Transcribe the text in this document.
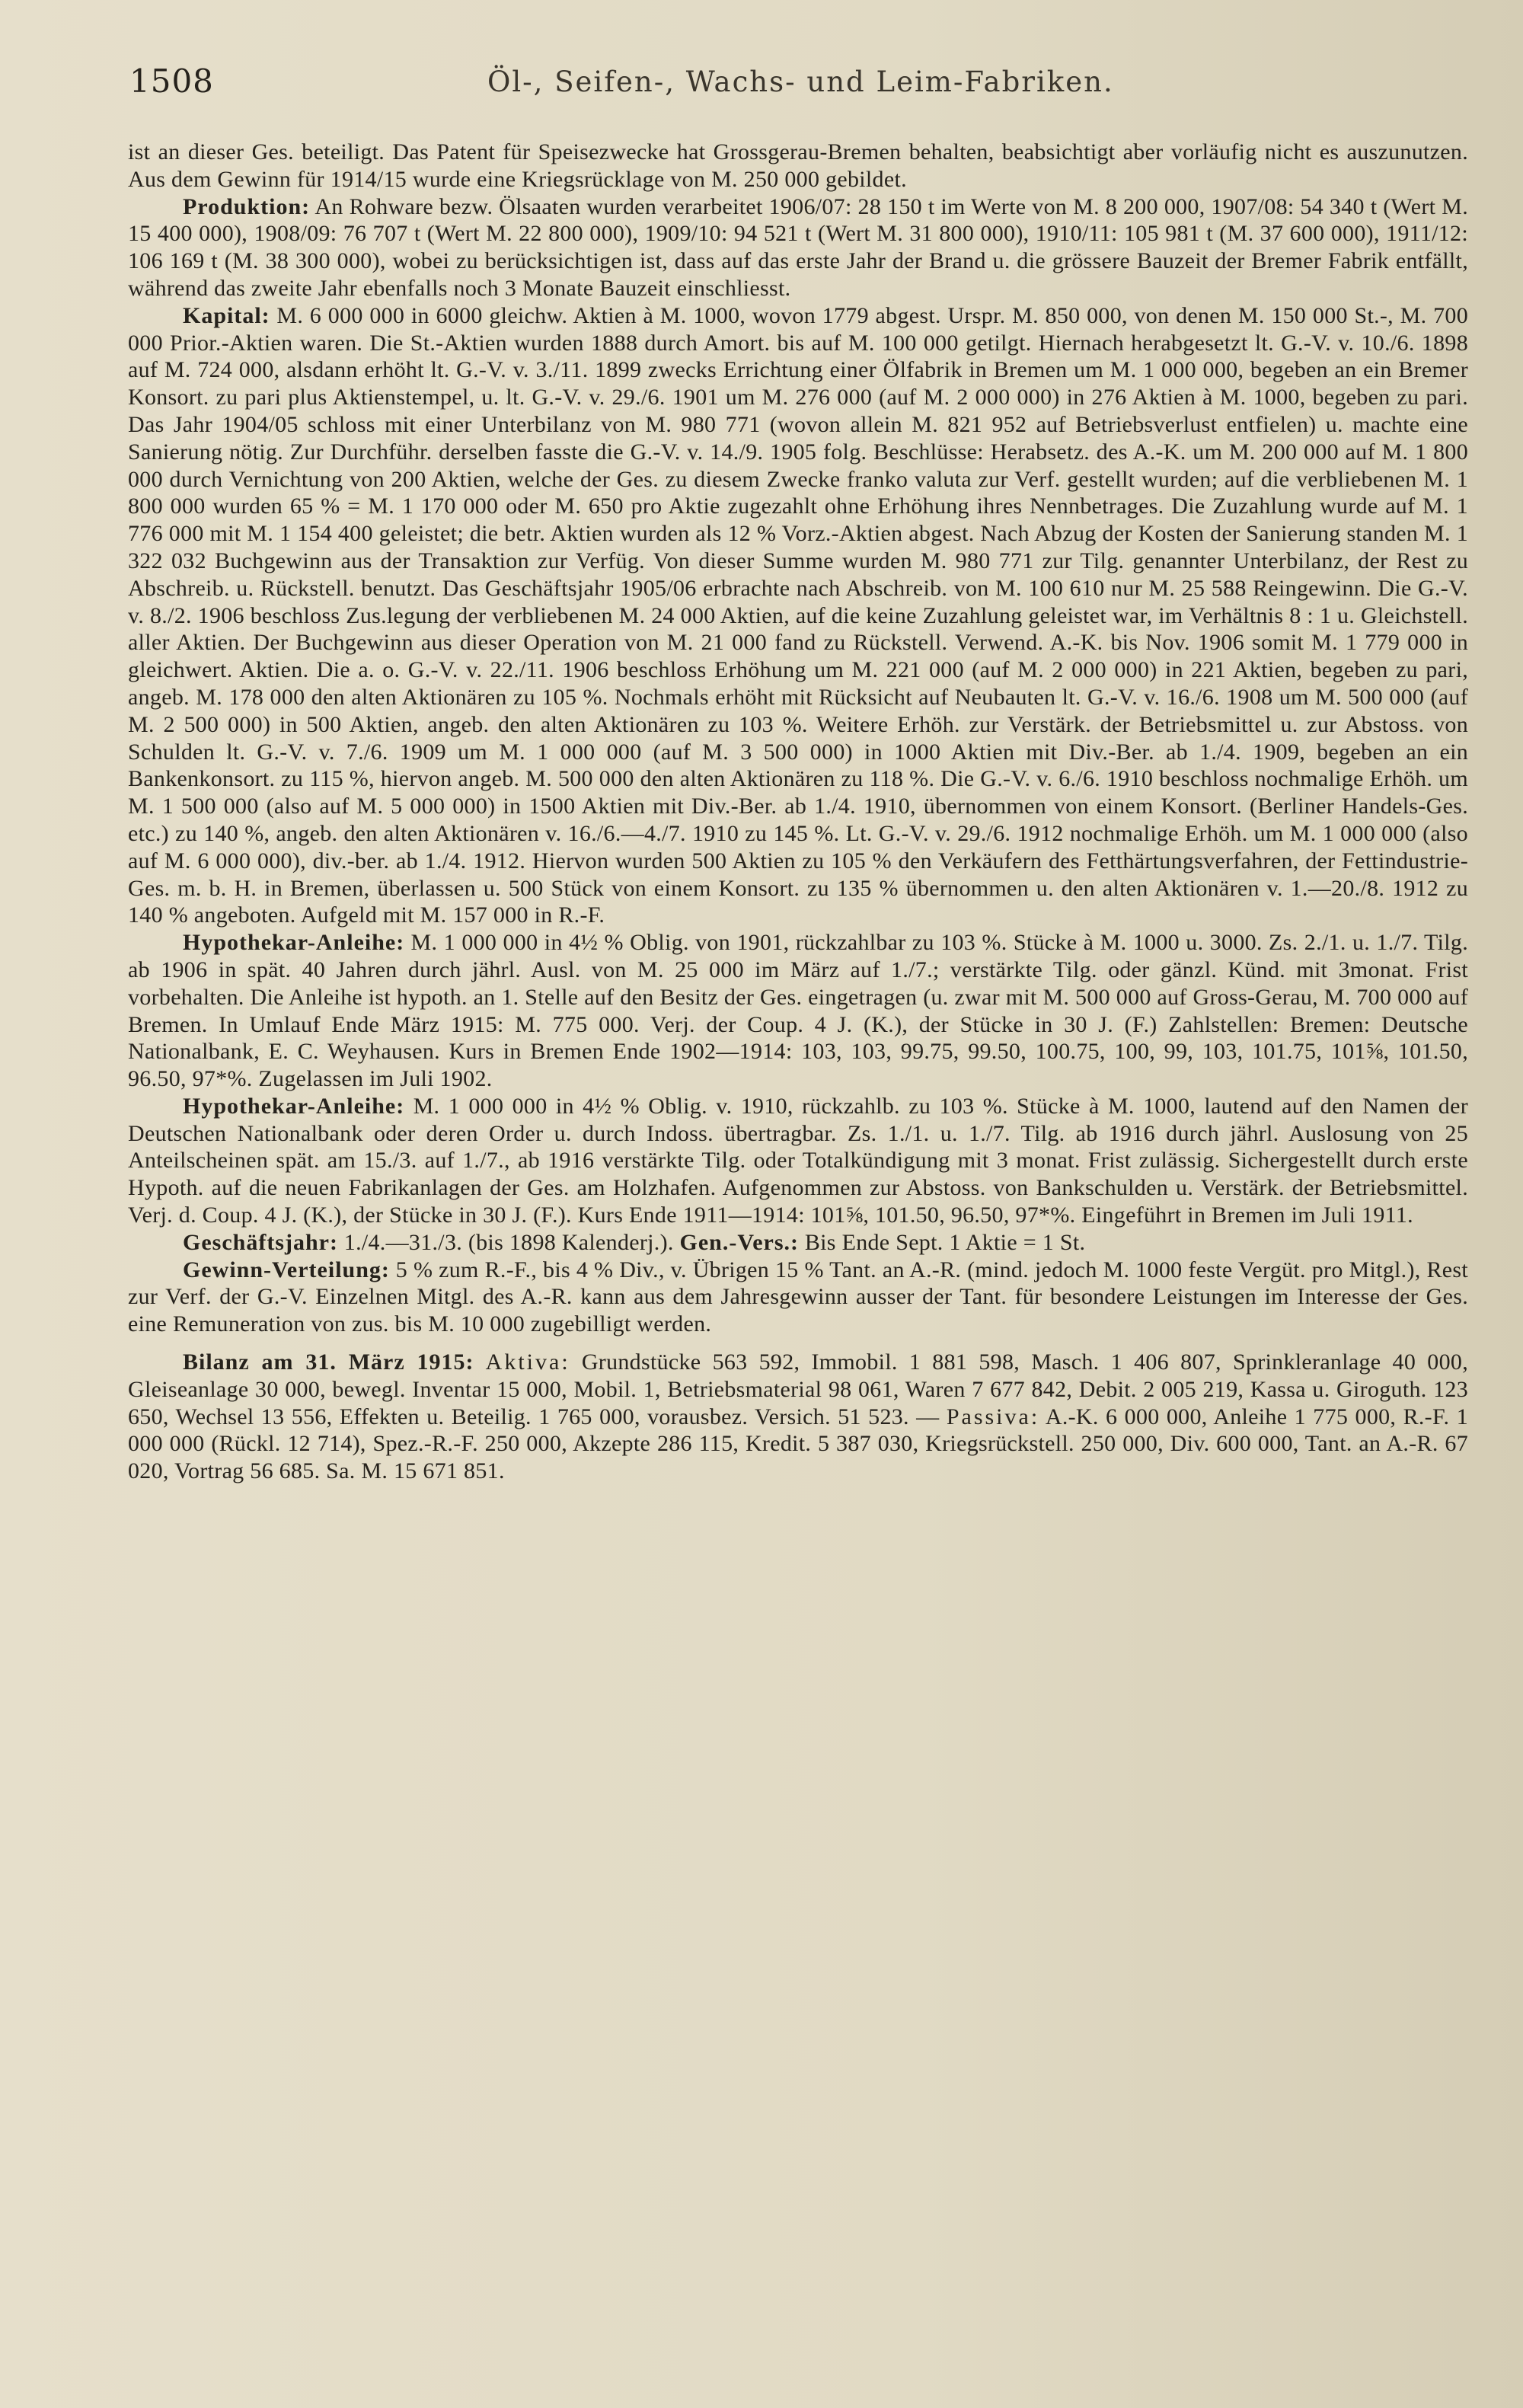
1508	Öl-, Seifen-, Wachs- und Leim-Fabriken.

ist an dieser Ges. beteiligt. Das Patent für Speisezwecke hat Grossgerau-Bremen behalten, beabsichtigt aber vorläufig nicht es auszunutzen. Aus dem Gewinn für 1914/15 wurde eine Kriegsrücklage von M. 250 000 gebildet.

Produktion: An Rohware bezw. Ölsaaten wurden verarbeitet 1906/07: 28 150 t im Werte von M. 8 200 000, 1907/08: 54 340 t (Wert M. 15 400 000), 1908/09: 76 707 t (Wert M. 22 800 000), 1909/10: 94 521 t (Wert M. 31 800 000), 1910/11: 105 981 t (M. 37 600 000), 1911/12: 106 169 t (M. 38 300 000), wobei zu berücksichtigen ist, dass auf das erste Jahr der Brand u. die grössere Bauzeit der Bremer Fabrik entfällt, während das zweite Jahr ebenfalls noch 3 Monate Bauzeit einschliesst.

Kapital: M. 6 000 000 in 6000 gleichw. Aktien à M. 1000, wovon 1779 abgest. Urspr. M. 850 000, von denen M. 150 000 St.-, M. 700 000 Prior.-Aktien waren. Die St.-Aktien wurden 1888 durch Amort. bis auf M. 100 000 getilgt. Hiernach herabgesetzt lt. G.-V. v. 10./6. 1898 auf M. 724 000, alsdann erhöht lt. G.-V. v. 3./11. 1899 zwecks Errichtung einer Ölfabrik in Bremen um M. 1 000 000, begeben an ein Bremer Konsort. zu pari plus Aktienstempel, u. lt. G.-V. v. 29./6. 1901 um M. 276 000 (auf M. 2 000 000) in 276 Aktien à M. 1000, begeben zu pari. Das Jahr 1904/05 schloss mit einer Unterbilanz von M. 980 771 (wovon allein M. 821 952 auf Betriebsverlust entfielen) u. machte eine Sanierung nötig. Zur Durchführ. derselben fasste die G.-V. v. 14./9. 1905 folg. Beschlüsse: Herabsetz. des A.-K. um M. 200 000 auf M. 1 800 000 durch Vernichtung von 200 Aktien, welche der Ges. zu diesem Zwecke franko valuta zur Verf. gestellt wurden; auf die verbliebenen M. 1 800 000 wurden 65 % = M. 1 170 000 oder M. 650 pro Aktie zugezahlt ohne Erhöhung ihres Nennbetrages. Die Zuzahlung wurde auf M. 1 776 000 mit M. 1 154 400 geleistet; die betr. Aktien wurden als 12 % Vorz.-Aktien abgest. Nach Abzug der Kosten der Sanierung standen M. 1 322 032 Buchgewinn aus der Transaktion zur Verfüg. Von dieser Summe wurden M. 980 771 zur Tilg. genannter Unterbilanz, der Rest zu Abschreib. u. Rückstell. benutzt. Das Geschäftsjahr 1905/06 erbrachte nach Abschreib. von M. 100 610 nur M. 25 588 Reingewinn. Die G.-V. v. 8./2. 1906 beschloss Zus.legung der verbliebenen M. 24 000 Aktien, auf die keine Zuzahlung geleistet war, im Verhältnis 8 : 1 u. Gleichstell. aller Aktien. Der Buchgewinn aus dieser Operation von M. 21 000 fand zu Rückstell. Verwend. A.-K. bis Nov. 1906 somit M. 1 779 000 in gleichwert. Aktien. Die a. o. G.-V. v. 22./11. 1906 beschloss Erhöhung um M. 221 000 (auf M. 2 000 000) in 221 Aktien, begeben zu pari, angeb. M. 178 000 den alten Aktionären zu 105 %. Nochmals erhöht mit Rücksicht auf Neubauten lt. G.-V. v. 16./6. 1908 um M. 500 000 (auf M. 2 500 000) in 500 Aktien, angeb. den alten Aktionären zu 103 %. Weitere Erhöh. zur Verstärk. der Betriebsmittel u. zur Abstoss. von Schulden lt. G.-V. v. 7./6. 1909 um M. 1 000 000 (auf M. 3 500 000) in 1000 Aktien mit Div.-Ber. ab 1./4. 1909, begeben an ein Bankenkonsort. zu 115 %, hiervon angeb. M. 500 000 den alten Aktionären zu 118 %. Die G.-V. v. 6./6. 1910 beschloss nochmalige Erhöh. um M. 1 500 000 (also auf M. 5 000 000) in 1500 Aktien mit Div.-Ber. ab 1./4. 1910, übernommen von einem Konsort. (Berliner Handels-Ges. etc.) zu 140 %, angeb. den alten Aktionären v. 16./6.—4./7. 1910 zu 145 %. Lt. G.-V. v. 29./6. 1912 nochmalige Erhöh. um M. 1 000 000 (also auf M. 6 000 000), div.-ber. ab 1./4. 1912. Hiervon wurden 500 Aktien zu 105 % den Verkäufern des Fetthärtungsverfahren, der Fettindustrie-Ges. m. b. H. in Bremen, überlassen u. 500 Stück von einem Konsort. zu 135 % übernommen u. den alten Aktionären v. 1.—20./8. 1912 zu 140 % angeboten. Aufgeld mit M. 157 000 in R.-F.

Hypothekar-Anleihe: M. 1 000 000 in 4½ % Oblig. von 1901, rückzahlbar zu 103 %. Stücke à M. 1000 u. 3000. Zs. 2./1. u. 1./7. Tilg. ab 1906 in spät. 40 Jahren durch jährl. Ausl. von M. 25 000 im März auf 1./7.; verstärkte Tilg. oder gänzl. Künd. mit 3monat. Frist vorbehalten. Die Anleihe ist hypoth. an 1. Stelle auf den Besitz der Ges. eingetragen (u. zwar mit M. 500 000 auf Gross-Gerau, M. 700 000 auf Bremen. In Umlauf Ende März 1915: M. 775 000. Verj. der Coup. 4 J. (K.), der Stücke in 30 J. (F.) Zahlstellen: Bremen: Deutsche Nationalbank, E. C. Weyhausen. Kurs in Bremen Ende 1902—1914: 103, 103, 99.75, 99.50, 100.75, 100, 99, 103, 101.75, 101⅝, 101.50, 96.50, 97*%. Zugelassen im Juli 1902.

Hypothekar-Anleihe: M. 1 000 000 in 4½ % Oblig. v. 1910, rückzahlb. zu 103 %. Stücke à M. 1000, lautend auf den Namen der Deutschen Nationalbank oder deren Order u. durch Indoss. übertragbar. Zs. 1./1. u. 1./7. Tilg. ab 1916 durch jährl. Auslosung von 25 Anteilscheinen spät. am 15./3. auf 1./7., ab 1916 verstärkte Tilg. oder Totalkündigung mit 3 monat. Frist zulässig. Sichergestellt durch erste Hypoth. auf die neuen Fabrikanlagen der Ges. am Holzhafen. Aufgenommen zur Abstoss. von Bankschulden u. Verstärk. der Betriebsmittel. Verj. d. Coup. 4 J. (K.), der Stücke in 30 J. (F.). Kurs Ende 1911—1914: 101⅝, 101.50, 96.50, 97*%. Eingeführt in Bremen im Juli 1911.

Geschäftsjahr: 1./4.—31./3. (bis 1898 Kalenderj.). Gen.-Vers.: Bis Ende Sept. 1 Aktie = 1 St.

Gewinn-Verteilung: 5 % zum R.-F., bis 4 % Div., v. Übrigen 15 % Tant. an A.-R. (mind. jedoch M. 1000 feste Vergüt. pro Mitgl.), Rest zur Verf. der G.-V. Einzelnen Mitgl. des A.-R. kann aus dem Jahresgewinn ausser der Tant. für besondere Leistungen im Interesse der Ges. eine Remuneration von zus. bis M. 10 000 zugebilligt werden.

Bilanz am 31. März 1915: Aktiva: Grundstücke 563 592, Immobil. 1 881 598, Masch. 1 406 807, Sprinkleranlage 40 000, Gleiseanlage 30 000, bewegl. Inventar 15 000, Mobil. 1, Betriebsmaterial 98 061, Waren 7 677 842, Debit. 2 005 219, Kassa u. Giroguth. 123 650, Wechsel 13 556, Effekten u. Beteilig. 1 765 000, vorausbez. Versich. 51 523. — Passiva: A.-K. 6 000 000, Anleihe 1 775 000, R.-F. 1 000 000 (Rückl. 12 714), Spez.-R.-F. 250 000, Akzepte 286 115, Kredit. 5 387 030, Kriegsrückstell. 250 000, Div. 600 000, Tant. an A.-R. 67 020, Vortrag 56 685. Sa. M. 15 671 851.
